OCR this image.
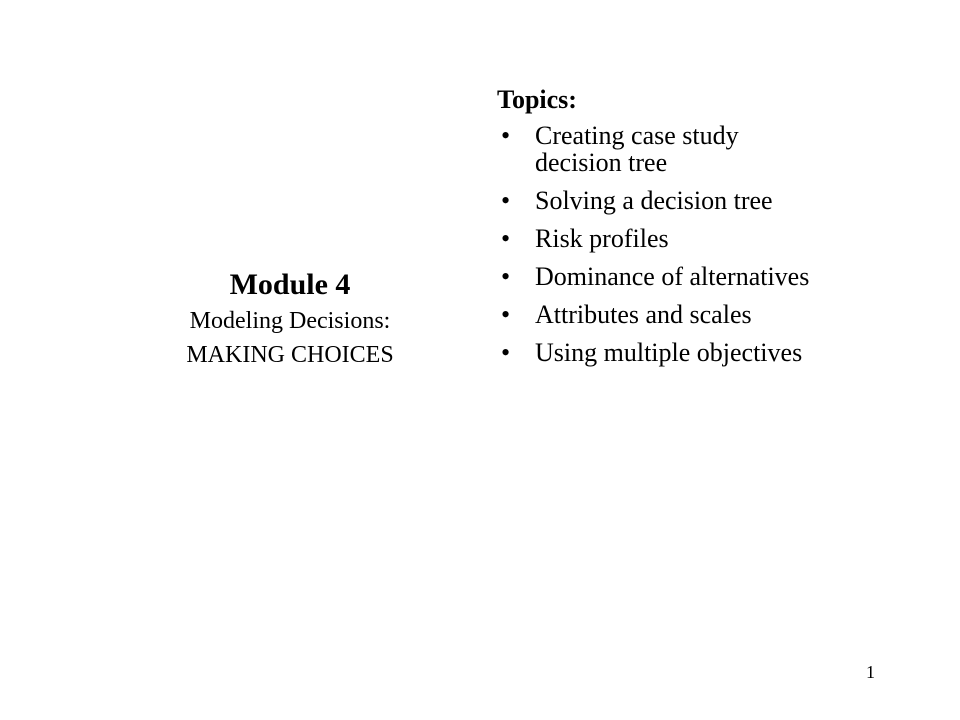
Module 4

Modeling Decisions:

MAKING CHOICES

Topics:

• Creating case study
decision tree
• Solving a decision tree
• Risk profiles
• Dominance of alternatives
• Attributes and scales
• Using multiple objectives
1
